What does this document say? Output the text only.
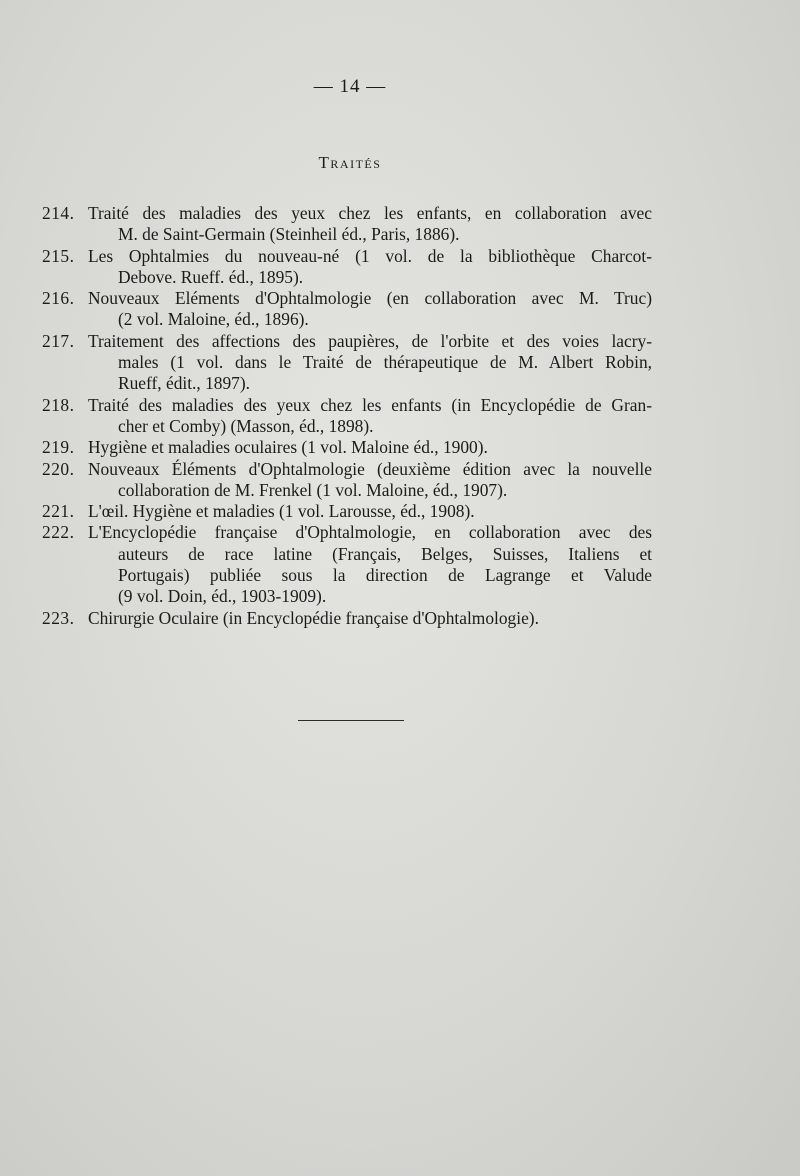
— 14 —
Traités
214. Traité des maladies des yeux chez les enfants, en collaboration avec
M. de Saint-Germain (Steinheil éd., Paris, 1886).
215. Les Ophtalmies du nouveau-né (1 vol. de la bibliothèque Charcot-
Debove. Rueff. éd., 1895).
216. Nouveaux Eléments d'Ophtalmologie (en collaboration avec M. Truc)
(2 vol. Maloine, éd., 1896).
217. Traitement des affections des paupières, de l'orbite et des voies lacry-
males (1 vol. dans le Traité de thérapeutique de M. Albert Robin,
Rueff, édit., 1897).
218. Traité des maladies des yeux chez les enfants (in Encyclopédie de Gran-
cher et Comby) (Masson, éd., 1898).
219. Hygiène et maladies oculaires (1 vol. Maloine éd., 1900).
220. Nouveaux Éléments d'Ophtalmologie (deuxième édition avec la nouvelle
collaboration de M. Frenkel (1 vol. Maloine, éd., 1907).
221. L'œil. Hygiène et maladies (1 vol. Larousse, éd., 1908).
222. L'Encyclopédie française d'Ophtalmologie, en collaboration avec des
auteurs de race latine (Français, Belges, Suisses, Italiens et
Portugais) publiée sous la direction de Lagrange et Valude
(9 vol. Doin, éd., 1903-1909).
223. Chirurgie Oculaire (in Encyclopédie française d'Ophtalmologie).
